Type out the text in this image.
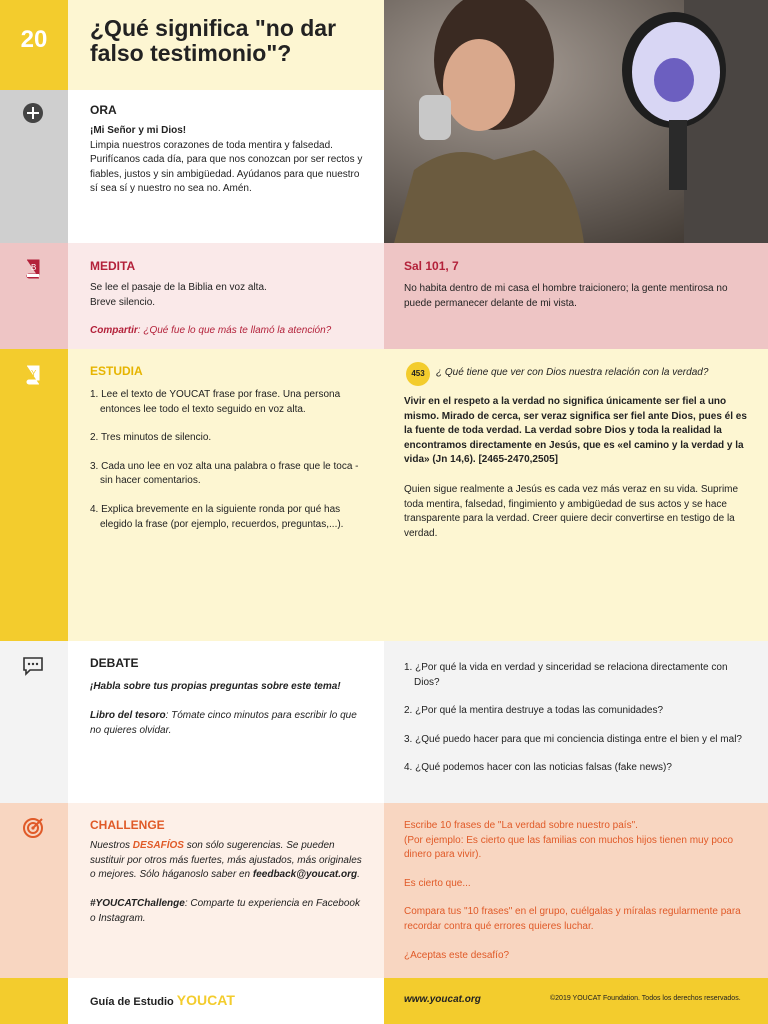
20	¿Qué significa "no dar
falso testimonio"?
ORA
¡Mi Señor y mi Dios!
Limpia nuestros corazones de toda mentira y falsedad. Purifícanos cada día, para que nos conozcan por ser rectos y fiables, justos y sin ambigüedad. Ayúdanos para que nuestro sí sea sí y nuestro no sea no. Amén.
B	MEDITA
Se lee el pasaje de la Biblia en voz alta.
Breve silencio.
Compartir: ¿Qué fue lo que más te llamó la atención?
Sal 101, 7
No habita dentro de mi casa el hombre traicionero; la gente mentirosa no puede permanecer delante de mi vista.
Y	ESTUDIA
1. Lee el texto de YOUCAT frase por frase. Una persona entonces lee todo el texto seguido en voz alta.
2. Tres minutos de silencio.
3. Cada uno lee en voz alta una palabra o frase que le toca - sin hacer comentarios.
4. Explica brevemente en la siguiente ronda por qué has elegido la frase (por ejemplo, recuerdos, preguntas,...).
453	¿ Qué tiene que ver con Dios nuestra relación con la verdad?
Vivir en el respeto a la verdad no significa únicamente ser fiel a uno mismo. Mirado de cerca, ser veraz significa ser fiel ante Dios, pues él es la fuente de toda verdad. La verdad sobre Dios y toda la realidad la encontramos directamente en Jesús, que es «el camino y la verdad y la vida» (Jn 14,6). [2465-2470,2505]
Quien sigue realmente a Jesús es cada vez más veraz en su vida. Suprime toda mentira, falsedad, fingimiento y ambigüedad de sus actos y se hace transparente para la verdad. Creer quiere decir convertirse en testigo de la verdad.
DEBATE
¡Habla sobre tus propias preguntas sobre este tema!
Libro del tesoro: Tómate cinco minutos para escribir lo que no quieres olvidar.
1. ¿Por qué la vida en verdad y sinceridad se relaciona directamente con Dios?
2. ¿Por qué la mentira destruye a todas las comunidades?
3. ¿Qué puedo hacer para que mi conciencia distinga entre el bien y el mal?
4. ¿Qué podemos hacer con las noticias falsas (fake news)?
CHALLENGE
Nuestros DESAFÍOS son sólo sugerencias. Se pueden sustituir por otros más fuertes, más ajustados, más originales o mejores. Sólo háganoslo saber en feedback@youcat.org.
#YOUCATChallenge: Comparte tu experiencia en Facebook o Instagram.
Escribe 10 frases de "La verdad sobre nuestro país".
(Por ejemplo: Es cierto que las familias con muchos hijos tienen muy poco dinero para vivir).
Es cierto que...
Compara tus "10 frases" en el grupo, cuélgalas y míralas regularmente para recordar contra qué errores quieres luchar.
¿Aceptas este desafío?
Guía de Estudio YOUCAT	www.youcat.org	©2019 YOUCAT Foundation. Todos los derechos reservados.
